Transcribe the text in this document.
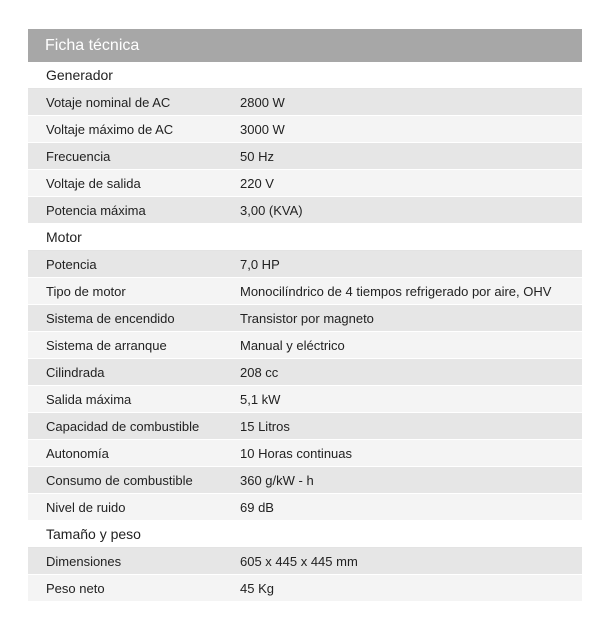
Ficha técnica
Generador
Votaje nominal de AC	2800 W
Voltaje máximo de AC	3000 W
Frecuencia	50 Hz
Voltaje de salida	220 V
Potencia máxima	3,00 (KVA)
Motor
Potencia	7,0 HP
Tipo de motor	Monocilíndrico de 4 tiempos refrigerado por aire, OHV
Sistema de encendido	Transistor por magneto
Sistema de arranque	Manual y eléctrico
Cilindrada	208 cc
Salida máxima	5,1 kW
Capacidad de combustible	15 Litros
Autonomía	10 Horas continuas
Consumo de combustible	360 g/kW - h
Nivel de ruido	69 dB
Tamaño y peso
Dimensiones	605 x 445 x 445 mm
Peso neto	45 Kg
